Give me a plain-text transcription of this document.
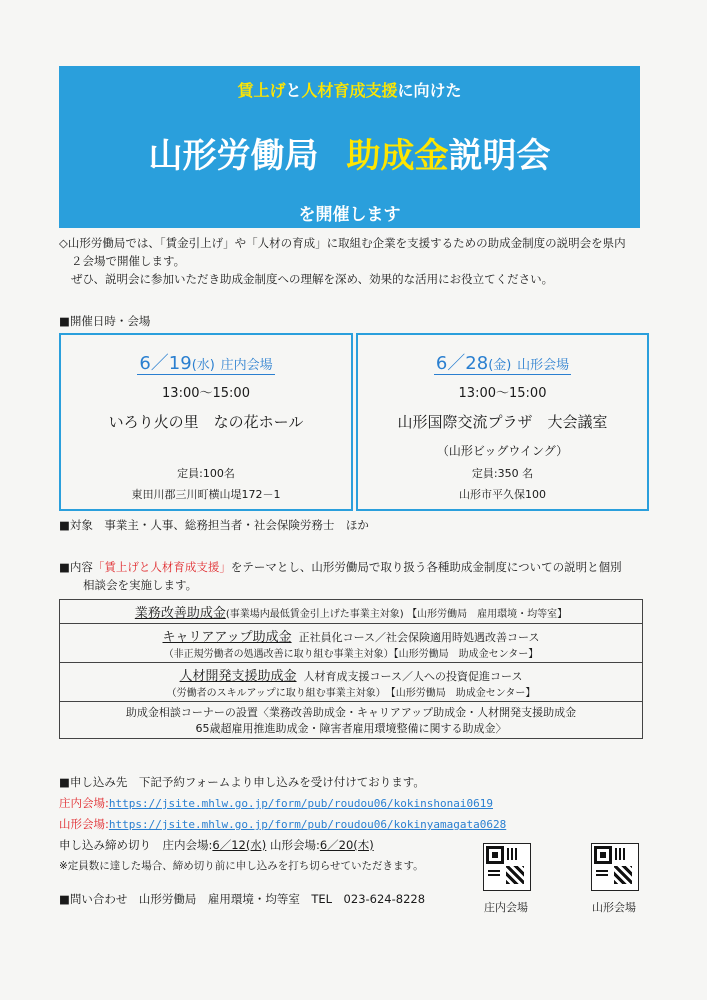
賃上げと人材育成支援に向けた
山形労働局 助成金説明会
を開催します
◇山形労働局では、「賃金引上げ」や「人材の育成」に取組む企業を支援するための助成金制度の説明会を県内
２会場で開催します。
ぜひ、説明会に参加いただき助成金制度への理解を深め、効果的な活用にお役立てください。
■開催日時・会場
6／19(水) 庄内会場
13:00～15:00
いろり火の里　なの花ホール
定員:100名
東田川郡三川町横山堤172－1
6／28(金) 山形会場
13:00～15:00
山形国際交流プラザ　大会議室
（山形ビッグウイング）
定員:350 名
山形市平久保100
■対象　事業主・人事、総務担当者・社会保険労務士　ほか
■内容「賃上げと人材育成支援」をテーマとし、山形労働局で取り扱う各種助成金制度についての説明と個別
相談会を実施します。
業務改善助成金(事業場内最低賃金引上げた事業主対象) 【山形労働局　雇用環境・均等室】

キャリアアップ助成金 正社員化コース／社会保険適用時処遇改善コース
（非正規労働者の処遇改善に取り組む事業主対象）【山形労働局　助成金センター】

人材開発支援助成金 人材育成支援コース／人への投資促進コース
（労働者のスキルアップに取り組む事業主対象）　【山形労働局　助成金センター】

助成金相談コーナーの設置〈業務改善助成金・キャリアアップ助成金・人材開発支援助成金
65歳超雇用推進助成金・障害者雇用環境整備に関する助成金〉
■申し込み先　下記予約フォームより申し込みを受け付けております。
庄内会場:https://jsite.mhlw.go.jp/form/pub/roudou06/kokinshonai0619
山形会場:https://jsite.mhlw.go.jp/form/pub/roudou06/kokinyamagata0628
申し込み締め切り　庄内会場:6／12(水) 山形会場:6／20(木)
※定員数に達した場合、締め切り前に申し込みを打ち切らせていただきます。
■問い合わせ　山形労働局　雇用環境・均等室　TEL　023-624-8228
庄内会場	山形会場
